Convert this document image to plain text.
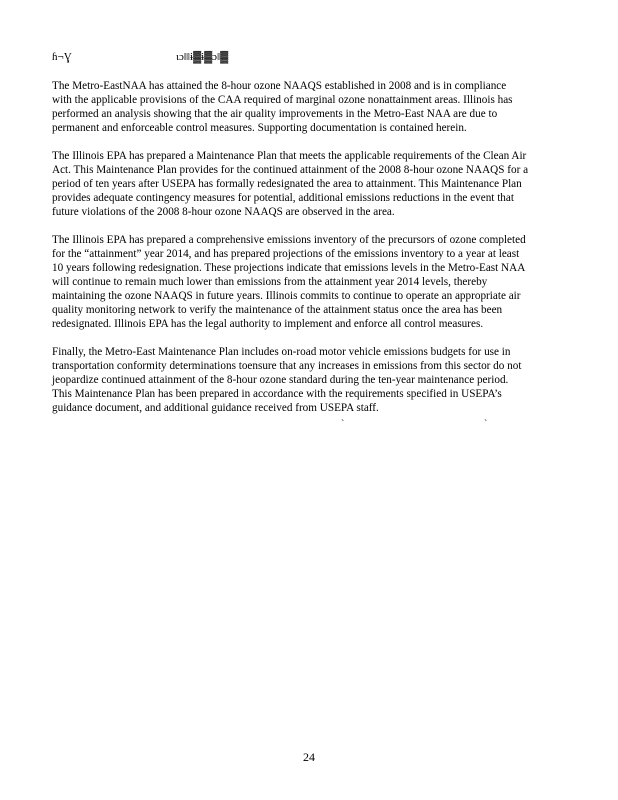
ɦ¬Ɣ	ɩɔ‖‖ɨ▓ɨ▓ɔ‖▓

The Metro-EastNAA has attained the 8-hour ozone NAAQS established in 2008 and is in compliance
with the applicable provisions of the CAA required of marginal ozone nonattainment areas. Illinois has
performed an analysis showing that the air quality improvements in the Metro-East NAA are due to
permanent and enforceable control measures. Supporting documentation is contained herein.

The Illinois EPA has prepared a Maintenance Plan that meets the applicable requirements of the Clean Air
Act. This Maintenance Plan provides for the continued attainment of the 2008 8-hour ozone NAAQS for a
period of ten years after USEPA has formally redesignated the area to attainment. This Maintenance Plan
provides adequate contingency measures for potential, additional emissions reductions in the event that
future violations of the 2008 8-hour ozone NAAQS are observed in the area.

The Illinois EPA has prepared a comprehensive emissions inventory of the precursors of ozone completed
for the “attainment” year 2014, and has prepared projections of the emissions inventory to a year at least
10 years following redesignation. These projections indicate that emissions levels in the Metro-East NAA
will continue to remain much lower than emissions from the attainment year 2014 levels, thereby
maintaining the ozone NAAQS in future years. Illinois commits to continue to operate an appropriate air
quality monitoring network to verify the maintenance of the attainment status once the area has been
redesignated. Illinois EPA has the legal authority to implement and enforce all control measures.

Finally, the Metro-East Maintenance Plan includes on-road motor vehicle emissions budgets for use in
transportation conformity determinations toensure that any increases in emissions from this sector do not
jeopardize continued attainment of the 8-hour ozone standard during the ten-year maintenance period.
This Maintenance Plan has been prepared in accordance with the requirements specified in USEPA’s
guidance document, and additional guidance received from USEPA staff.

`	`
24
